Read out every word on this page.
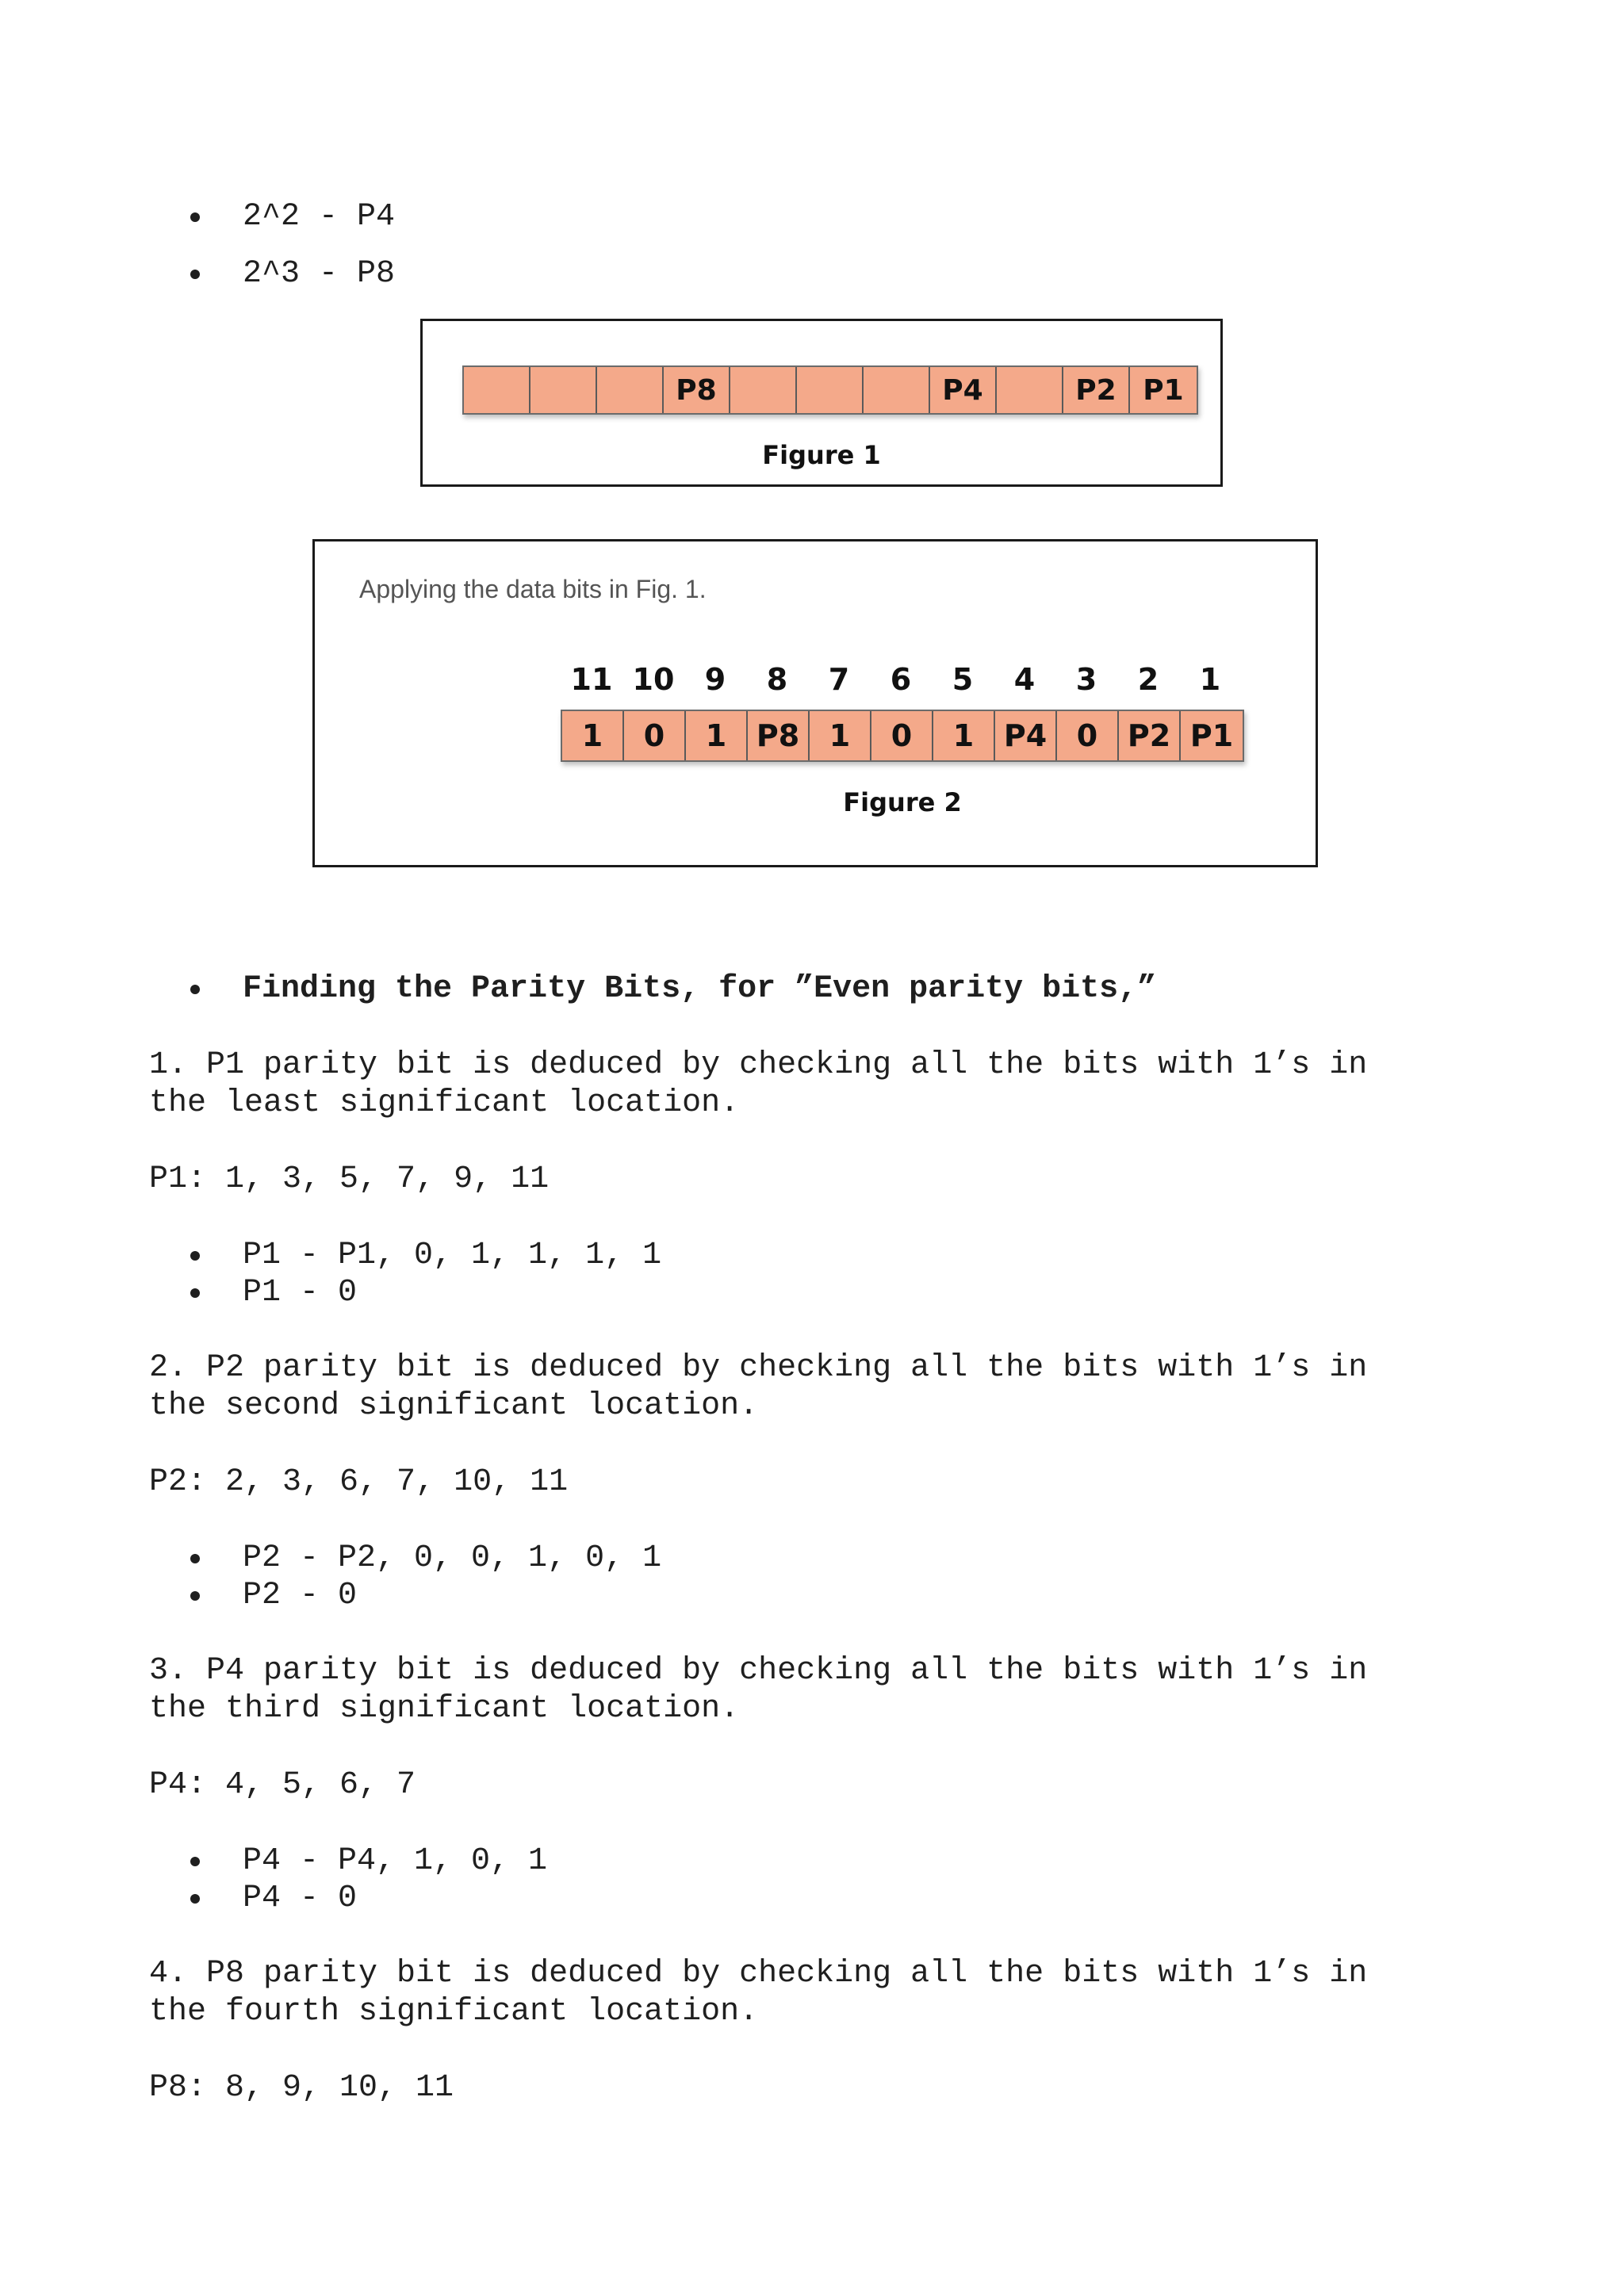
2^2 - P4
2^3 - P8
P8	P4	P2 P1
Figure 1
Applying the data bits in Fig. 1.
11 10	9	8	7	6	5	4	3	2	1
1	0	1 P8 1	0	1 P4 0 P2 P1
Figure 2
Finding the Parity Bits, for ”Even parity bits,”
1. P1 parity bit is deduced by checking all the bits with 1’s in
the least significant location.
P1: 1, 3, 5, 7, 9, 11
P1 - P1, 0, 1, 1, 1, 1
P1 - 0
2. P2 parity bit is deduced by checking all the bits with 1’s in
the second significant location.
P2: 2, 3, 6, 7, 10, 11
P2 - P2, 0, 0, 1, 0, 1
P2 - 0
3. P4 parity bit is deduced by checking all the bits with 1’s in
the third significant location.
P4: 4, 5, 6, 7
P4 - P4, 1, 0, 1
P4 - 0
4. P8 parity bit is deduced by checking all the bits with 1’s in
the fourth significant location.
P8: 8, 9, 10, 11
